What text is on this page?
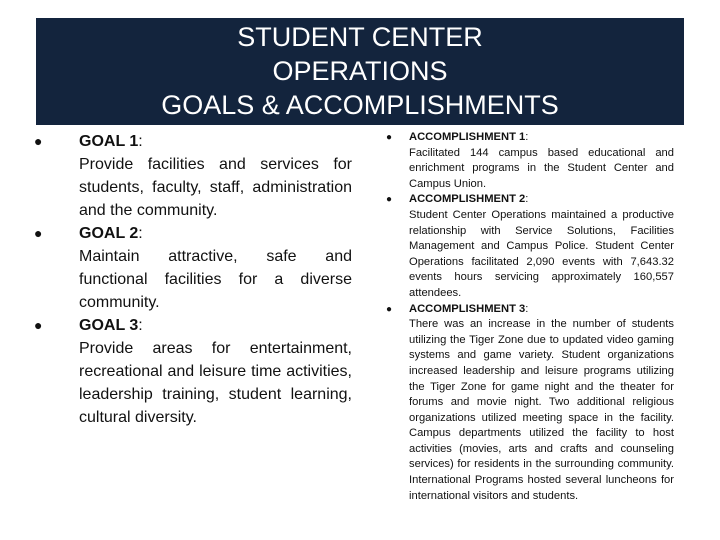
STUDENT CENTER
OPERATIONS
GOALS & ACCOMPLISHMENTS
● GOAL 1:
Provide facilities and services for students, faculty, staff, administration and the community.
● GOAL 2:
Maintain attractive, safe and functional facilities for a diverse community.
● GOAL 3:
Provide areas for entertainment, recreational and leisure time activities, leadership training, student learning, cultural diversity.
● ACCOMPLISHMENT 1:
Facilitated 144 campus based educational and enrichment programs in the Student Center and Campus Union.
● ACCOMPLISHMENT 2:
Student Center Operations maintained a productive relationship with Service Solutions, Facilities Management and Campus Police. Student Center Operations facilitated 2,090 events with 7,643.32 events hours servicing approximately 160,557 attendees.
● ACCOMPLISHMENT 3:
There was an increase in the number of students utilizing the Tiger Zone due to updated video gaming systems and game variety. Student organizations increased leadership and leisure programs utilizing the Tiger Zone for game night and the theater for forums and movie night. Two additional religious organizations utilized meeting space in the facility. Campus departments utilized the facility to host activities (movies, arts and crafts and counseling services) for residents in the surrounding community. International Programs hosted several luncheons for international visitors and students.
